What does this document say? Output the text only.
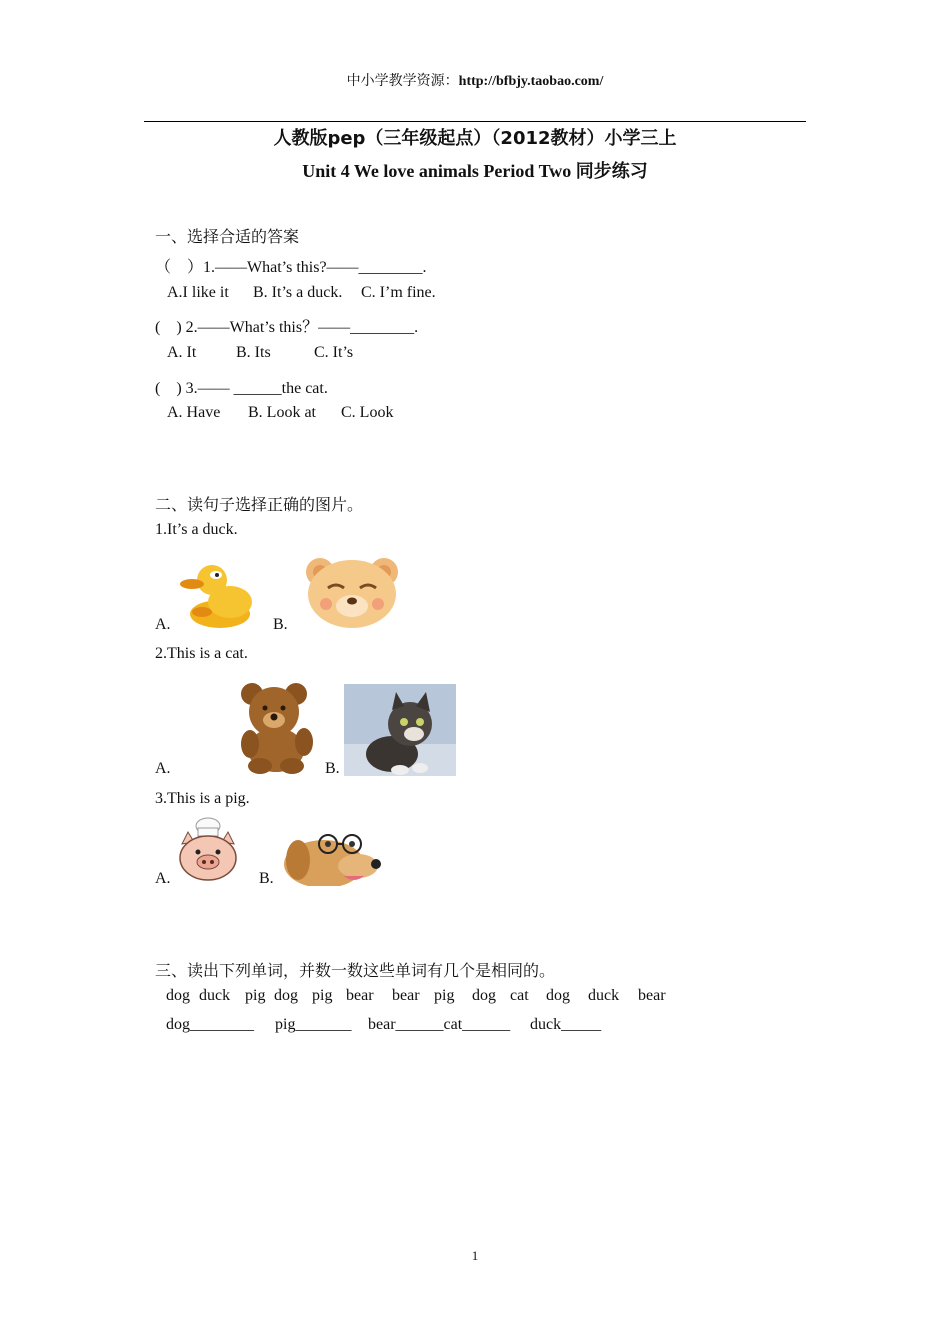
中小学教学资源：http://bfbjy.taobao.com/
人教版pep（三年级起点）（2012教材）小学三上
Unit 4 We love animals Period Two 同步练习
一、选择合适的答案
（　）1.——What’s this?——________.
A.I like it B. It’s a duck. C. I’m fine.
(　) 2.——What’s this？——________.
A. It B. Its	C. It’s
(　) 3.—— ______the cat.
A. Have B. Look at C. Look
二、读句子选择正确的图片。
1.It’s a duck.
A.	B.
2.This is a cat.
A.	B.
3.This is a pig.
A.	B.
三、读出下列单词，并数一数这些单词有几个是相同的。
dog duck pig dog pig bear bear pig dog cat dog duck bear
dog________ pig_______ bear______cat______ duck_____
1
